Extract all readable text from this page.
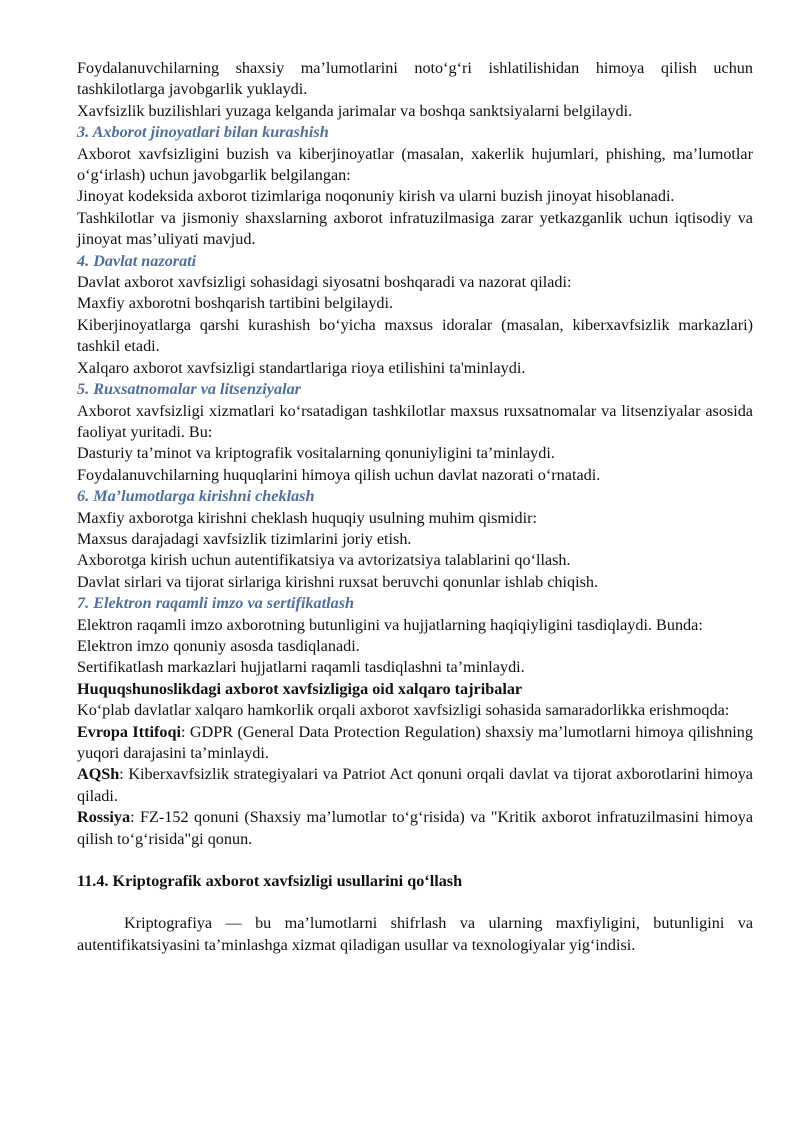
Foydalanuvchilarning shaxsiy ma’lumotlarini noto‘g‘ri ishlatilishidan himoya qilish uchun tashkilotlarga javobgarlik yuklaydi.

Xavfsizlik buzilishlari yuzaga kelganda jarimalar va boshqa sanktsiyalarni belgilaydi.

3. Axborot jinoyatlari bilan kurashish

Axborot xavfsizligini buzish va kiberjinoyatlar (masalan, xakerlik hujumlari, phishing, ma’lumotlar o‘g‘irlash) uchun javobgarlik belgilangan:

Jinoyat kodeksida axborot tizimlariga noqonuniy kirish va ularni buzish jinoyat hisoblanadi.

Tashkilotlar va jismoniy shaxslarning axborot infratuzilmasiga zarar yetkazganlik uchun iqtisodiy va jinoyat mas’uliyati mavjud.

4. Davlat nazorati

Davlat axborot xavfsizligi sohasidagi siyosatni boshqaradi va nazorat qiladi:

Maxfiy axborotni boshqarish tartibini belgilaydi.

Kiberjinoyatlarga qarshi kurashish bo‘yicha maxsus idoralar (masalan, kiberxavfsizlik markazlari) tashkil etadi.

Xalqaro axborot xavfsizligi standartlariga rioya etilishini ta'minlaydi.

5. Ruxsatnomalar va litsenziyalar

Axborot xavfsizligi xizmatlari ko‘rsatadigan tashkilotlar maxsus ruxsatnomalar va litsenziyalar asosida faoliyat yuritadi. Bu:

Dasturiy ta’minot va kriptografik vositalarning qonuniyligini ta’minlaydi.

Foydalanuvchilarning huquqlarini himoya qilish uchun davlat nazorati o‘rnatadi.

6. Ma’lumotlarga kirishni cheklash

Maxfiy axborotga kirishni cheklash huquqiy usulning muhim qismidir:

Maxsus darajadagi xavfsizlik tizimlarini joriy etish.

Axborotga kirish uchun autentifikatsiya va avtorizatsiya talablarini qo‘llash.

Davlat sirlari va tijorat sirlariga kirishni ruxsat beruvchi qonunlar ishlab chiqish.

7. Elektron raqamli imzo va sertifikatlash

Elektron raqamli imzo axborotning butunligini va hujjatlarning haqiqiyligini tasdiqlaydi. Bunda:

Elektron imzo qonuniy asosda tasdiqlanadi.

Sertifikatlash markazlari hujjatlarni raqamli tasdiqlashni ta’minlaydi.

Huquqshunoslikdagi axborot xavfsizligiga oid xalqaro tajribalar

Ko‘plab davlatlar xalqaro hamkorlik orqali axborot xavfsizligi sohasida samaradorlikka erishmoqda:

Evropa Ittifoqi: GDPR (General Data Protection Regulation) shaxsiy ma’lumotlarni himoya qilishning yuqori darajasini ta’minlaydi.

AQSh: Kiberxavfsizlik strategiyalari va Patriot Act qonuni orqali davlat va tijorat axborotlarini himoya qiladi.

Rossiya: FZ-152 qonuni (Shaxsiy ma’lumotlar to‘g‘risida) va "Kritik axborot infratuzilmasini himoya qilish to‘g‘risida"gi qonun.

11.4. Kriptografik axborot xavfsizligi usullarini qo‘llash

Kriptografiya — bu ma’lumotlarni shifrlash va ularning maxfiyligini, butunligini va autentifikatsiyasini ta’minlashga xizmat qiladigan usullar va texnologiyalar yig‘indisi.
